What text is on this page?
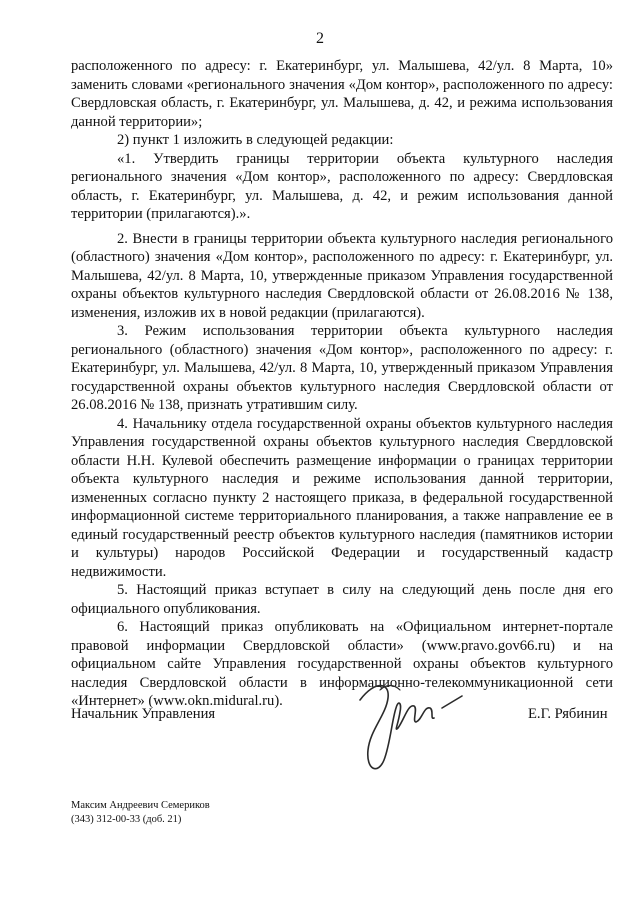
2

расположенного по адресу: г. Екатеринбург, ул. Малышева, 42/ул. 8 Марта, 10» заменить словами «регионального значения «Дом контор», расположенного по адресу: Свердловская область, г. Екатеринбург, ул. Малышева, д. 42, и режима использования данной территории»;

2) пункт 1 изложить в следующей редакции:

«1. Утвердить границы территории объекта культурного наследия регионального значения «Дом контор», расположенного по адресу: Свердловская область, г. Екатеринбург, ул. Малышева, д. 42, и режим использования данной территории (прилагаются).».

2. Внести в границы территории объекта культурного наследия регионального (областного) значения «Дом контор», расположенного по адресу: г. Екатеринбург, ул. Малышева, 42/ул. 8 Марта, 10, утвержденные приказом Управления государственной охраны объектов культурного наследия Свердловской области от 26.08.2016 № 138, изменения, изложив их в новой редакции (прилагаются).

3. Режим использования территории объекта культурного наследия регионального (областного) значения «Дом контор», расположенного по адресу: г. Екатеринбург, ул. Малышева, 42/ул. 8 Марта, 10, утвержденный приказом Управления государственной охраны объектов культурного наследия Свердловской области от 26.08.2016 № 138, признать утратившим силу.

4. Начальнику отдела государственной охраны объектов культурного наследия Управления государственной охраны объектов культурного наследия Свердловской области Н.Н. Кулевой обеспечить размещение информации о границах территории объекта культурного наследия и режиме использования данной территории, измененных согласно пункту 2 настоящего приказа, в федеральной государственной информационной системе территориального планирования, а также направление ее в единый государственный реестр объектов культурного наследия (памятников истории и культуры) народов Российской Федерации и государственный кадастр недвижимости.

5. Настоящий приказ вступает в силу на следующий день после дня его официального опубликования.

6. Настоящий приказ опубликовать на «Официальном интернет-портале правовой информации Свердловской области» (www.pravo.gov66.ru) и на официальном сайте Управления государственной охраны объектов культурного наследия Свердловской области в информационно-телекоммуникационной сети «Интернет» (www.okn.midural.ru).

Начальник Управления	Е.Г. Рябинин
Максим Андреевич Семериков
(343) 312-00-33 (доб. 21)
